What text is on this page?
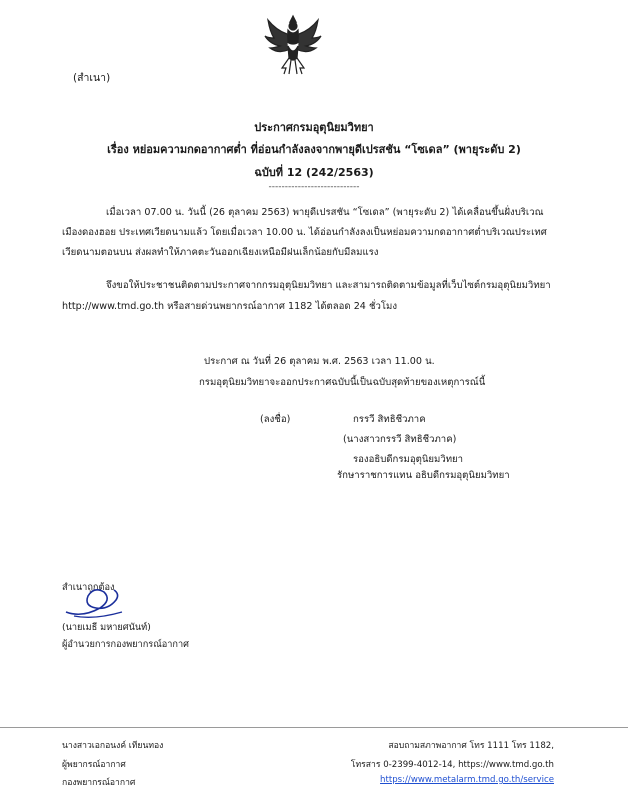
(สำเนา)
ประกาศกรมอุตุนิยมวิทยา
เรื่อง หย่อมความกดอากาศต่ำ ที่อ่อนกำลังลงจากพายุดีเปรสชัน “โซเดล” (พายุระดับ 2)
ฉบับที่ 12 (242/2563)
----------------------------
เมื่อเวลา 07.00 น. วันนี้ (26 ตุลาคม 2563) พายุดีเปรสชัน “โซเดล” (พายุระดับ 2) ได้เคลื่อนขึ้นฝั่งบริเวณ
เมืองดองฮอย ประเทศเวียดนามแล้ว โดยเมื่อเวลา 10.00 น. ได้อ่อนกำลังลงเป็นหย่อมความกดอากาศต่ำบริเวณประเทศ
เวียดนามตอนบน ส่งผลทำให้ภาคตะวันออกเฉียงเหนือมีฝนเล็กน้อยกับมีลมแรง
จึงขอให้ประชาชนติดตามประกาศจากกรมอุตุนิยมวิทยา และสามารถติดตามข้อมูลที่เว็บไซต์กรมอุตุนิยมวิทยา
http://www.tmd.go.th หรือสายด่วนพยากรณ์อากาศ 1182 ได้ตลอด 24 ชั่วโมง
ประกาศ ณ วันที่ 26 ตุลาคม พ.ศ. 2563 เวลา 11.00 น.
กรมอุตุนิยมวิทยาจะออกประกาศฉบับนี้เป็นฉบับสุดท้ายของเหตุการณ์นี้
(ลงชื่อ)	กรรวี สิทธิชีวภาค
(นางสาวกรรวี สิทธิชีวภาค)
รองอธิบดีกรมอุตุนิยมวิทยา
รักษาราชการแทน อธิบดีกรมอุตุนิยมวิทยา
สำเนาถูกต้อง
(นายเมธี มหายศนันท์)
ผู้อำนวยการกองพยากรณ์อากาศ
นางสาวเอกอนงค์ เทียนทอง
ผู้พยากรณ์อากาศ
กองพยากรณ์อากาศ
สอบถามสภาพอากาศ โทร 1111 โทร 1182,
โทรสาร 0-2399-4012-14, https://www.tmd.go.th
https://www.metalarm.tmd.go.th/service
